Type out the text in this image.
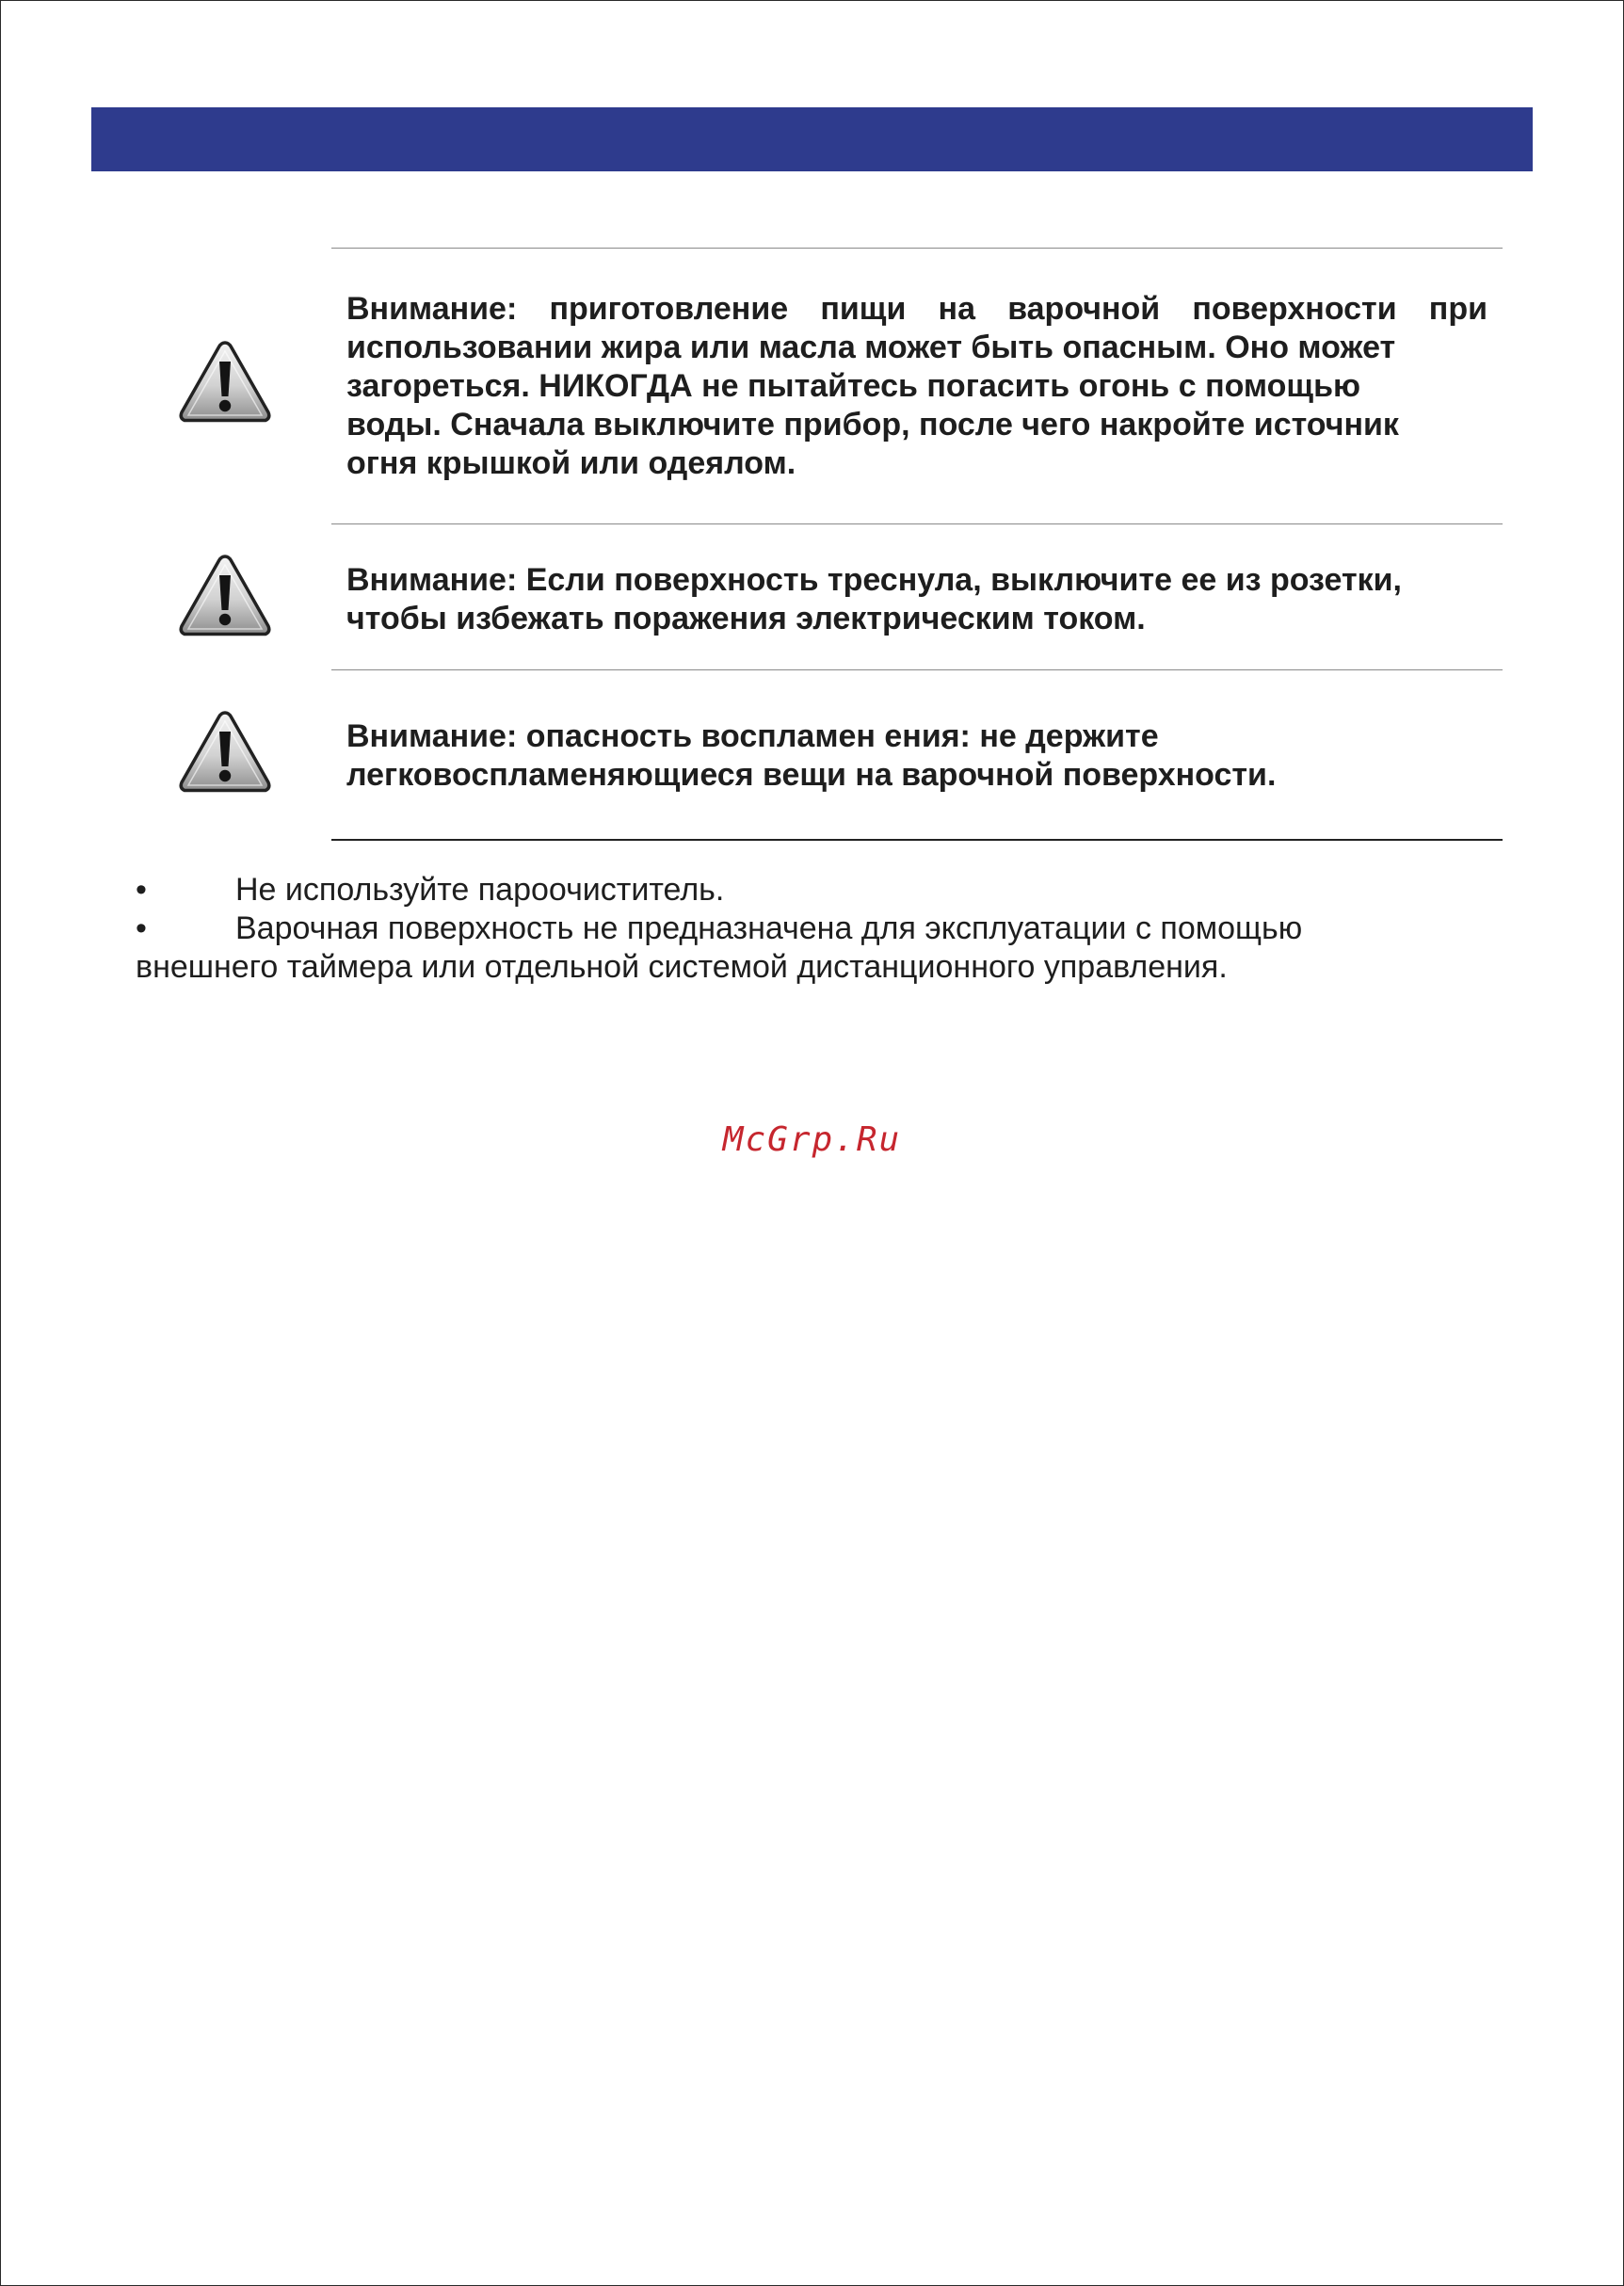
Внимание: приготовление пищи на варочной поверхности при
использовании жира или масла может быть опасным. Оно может
загореться. НИКОГДА не пытайтесь погасить огонь с помощью
воды. Сначала выключите прибор, после чего накройте источник
огня крышкой или одеялом.
Внимание: Если поверхность треснула, выключите ее из розетки,
чтобы избежать поражения электрическим током.
Внимание: опасность воспламен ения: не держите
легковоспламеняющиеся вещи на варочной поверхности.
•	Не используйте пароочиститель.
•	Варочная поверхность не предназначена для эксплуатации с помощью
внешнего таймера или отдельной системой дистанционного управления.
McGrp.Ru
